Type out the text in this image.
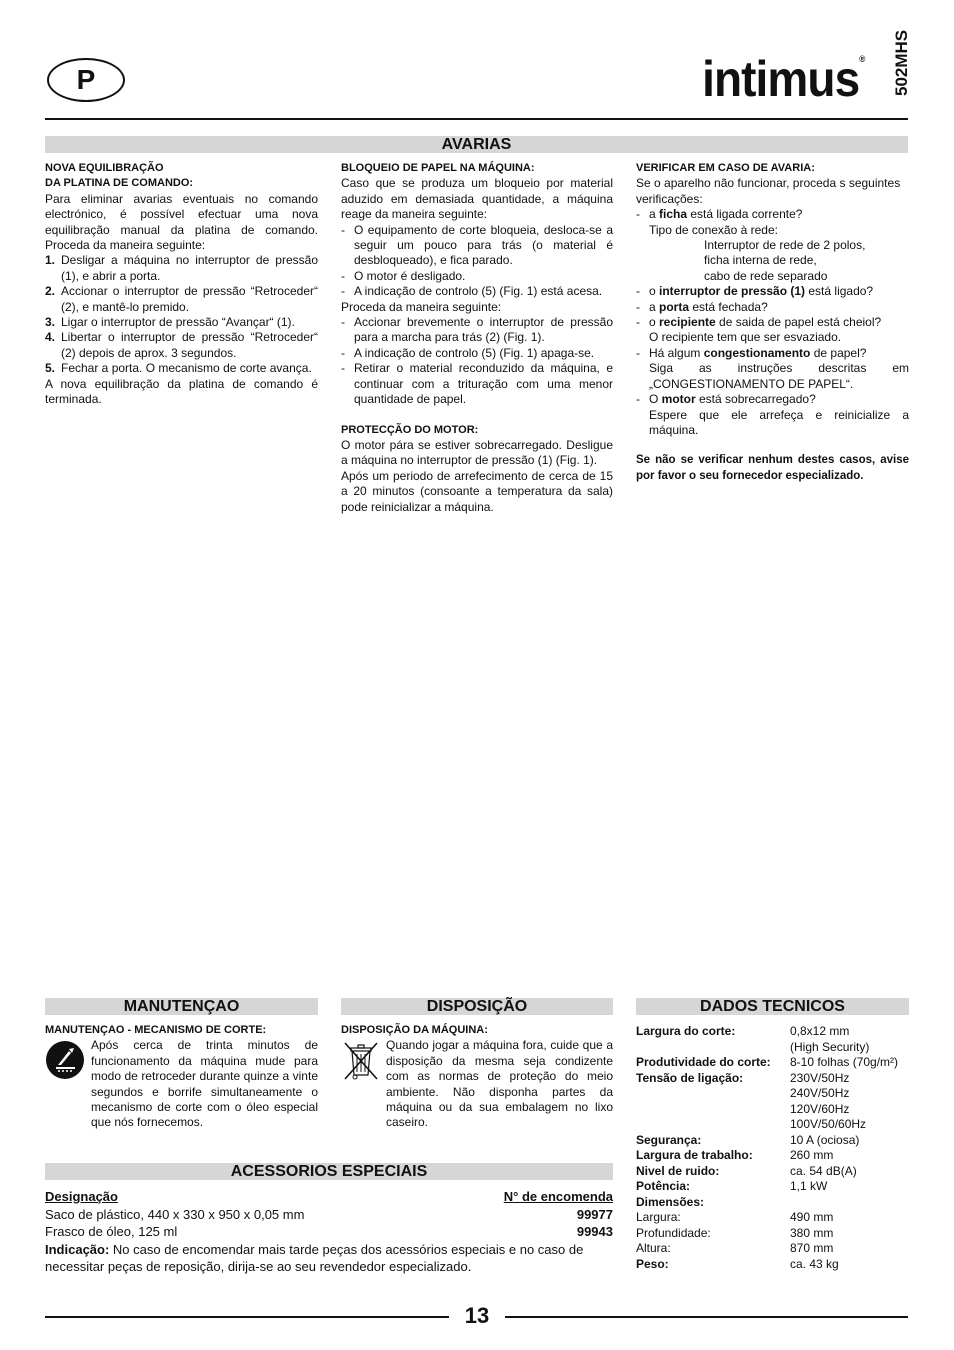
P	intimus® 502MHS
AVARIAS

NOVA EQUILIBRAÇÃO

DA PLATINA DE COMANDO:

Para eliminar avarias eventuais no comando electrónico, é possível efectuar uma nova equilibração manual da platina de comando. Proceda da maneira seguinte:

1. Desligar a máquina no interruptor de pressão (1), e abrir a porta.
2. Accionar o interruptor de pressão “Retroceder“ (2), e mantê-lo premido.
3. Ligar o interruptor de pressão “Avançar“ (1).
4. Libertar o interruptor de pressão “Retroceder“ (2) depois de aprox. 3 segundos.
5. Fechar a porta. O mecanismo de corte avança.

A nova equilibração da platina de comando é terminada.

BLOQUEIO DE PAPEL NA MÁQUINA:

Caso que se produza um bloqueio por material aduzido em demasiada quantidade, a máquina reage da maneira seguinte:

- O equipamento de corte bloqueia, desloca-se a seguir um pouco para trás (o material é desbloqueado), e fica parado.
- O motor é desligado.
- A indicação de controlo (5) (Fig. 1) está acesa.

Proceda da maneira seguinte:

- Accionar brevemente o interruptor de pressão para a marcha para trás (2) (Fig. 1).
- A indicação de controlo (5) (Fig. 1) apaga-se.
- Retirar o material reconduzido da máquina, e continuar com a trituração com uma menor quantidade de papel.

PROTECÇÃO DO MOTOR:

O motor pára se estiver sobrecarregado. Desligue a máquina no interruptor de pressão (1) (Fig. 1).

Após um periodo de arrefecimento de cerca de 15 a 20 minutos (consoante a temperatura da sala) pode reinicializar a máquina.

VERIFICAR EM CASO DE AVARIA:

Se o aparelho não funcionar, proceda s seguintes verificações:

- a ficha está ligada corrente?

Tipo de conexão à rede:

Interruptor de rede de 2 polos,

ficha interna de rede,

cabo de rede separado

- o interruptor de pressão (1) está ligado?
- a porta está fechada?
- o recipiente de saida de papel está cheiol?

O recipiente tem que ser esvaziado.

- Há algum congestionamento de papel?

Siga as instruções descritas em „CONGESTIONAMENTO DE PAPEL“.

- O motor está sobrecarregado?

Espere que ele arrefeça e reinicialize a máquina.

Se não se verificar nenhum destes casos, avise por favor o seu fornecedor especializado.

MANUTENÇAO

MANUTENÇAO - MECANISMO DE CORTE:

Após cerca de trinta minutos de funcionamento da máquina mude para modo de retroceder durante quinze a vinte segundos e borrife simultaneamente o mecanismo de corte com o óleo especial que nós fornecemos.

DISPOSIÇÃO

DISPOSIÇÃO DA MÁQUINA:

Quando jogar a máquina fora, cuide que a disposição da mesma seja condizente com as normas de proteção do meio ambiente. Não disponha partes da máquina ou da sua embalagem no lixo caseiro.

DADOS TECNICOS
Largura do corte:	0,8x12 mm
(High Security)
Produtividade do corte:	8-10 folhas (70g/m²)
Tensão de ligação:	230V/50Hz
240V/50Hz
120V/60Hz
100V/50/60Hz
Segurança:	10 A (ociosa)
Largura de trabalho:	260 mm
Nivel de ruido:	ca. 54 dB(A)
Potência:	1,1 kW
Dimensões:
Largura:	490 mm
Profundidade:	380 mm
Altura:	870 mm
Peso:	ca. 43 kg
ACESSORIOS ESPECIAIS
Designação	N° de encomenda
Saco de plástico, 440 x 330 x 950 x 0,05 mm	99977
Frasco de óleo, 125 ml	99943

Indicação: No caso de encomendar mais tarde peças dos acessórios especiais e no caso de necessitar peças de reposição, dirija-se ao seu revendedor especializado.

13
